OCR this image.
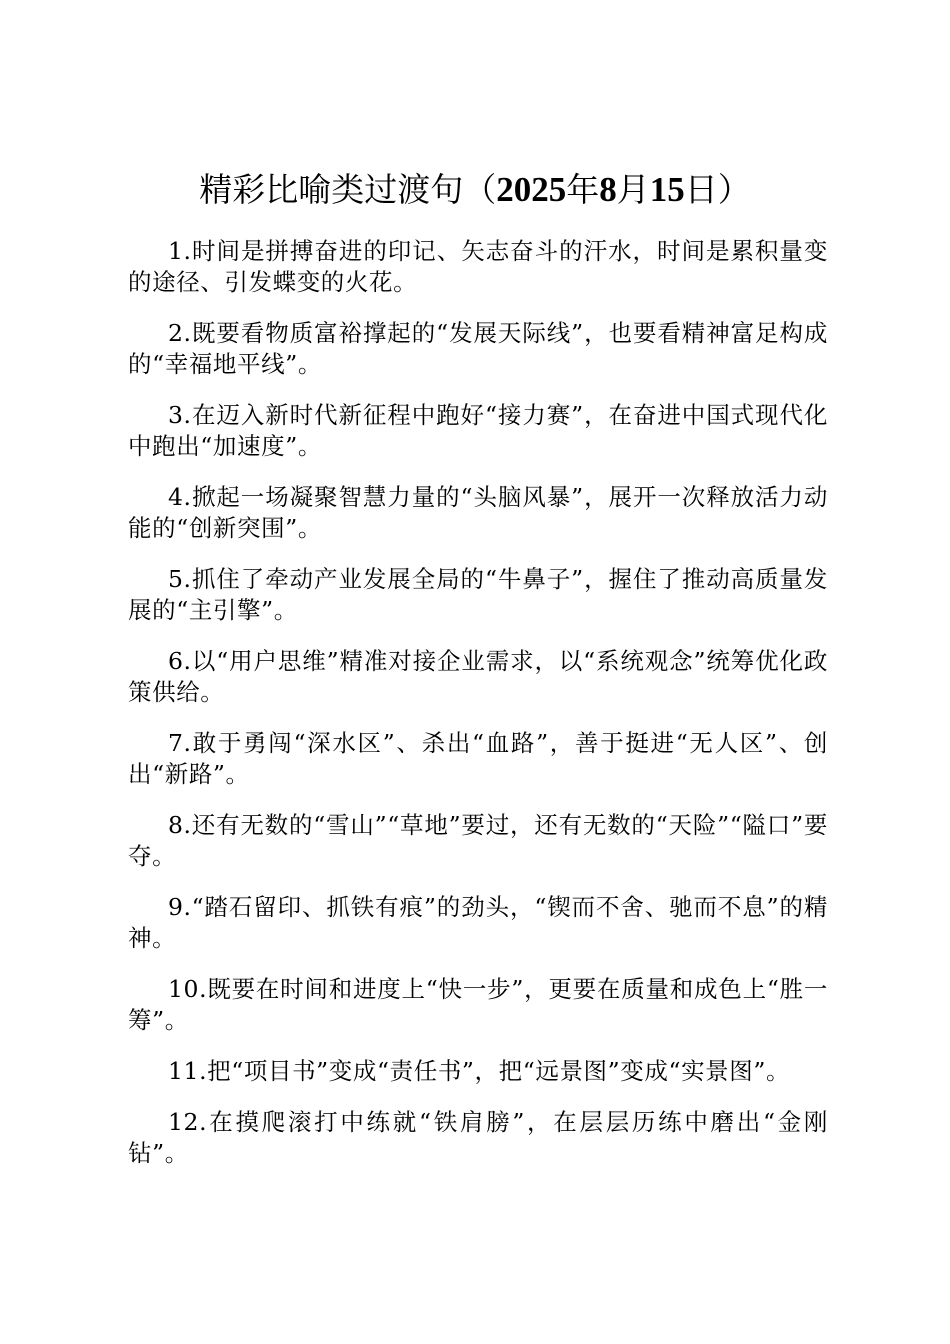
精彩比喻类过渡句（2025年8月15日）

1.时间是拼搏奋进的印记、矢志奋斗的汗水，时间是累积量变的途径、引发蝶变的火花。

2.既要看物质富裕撑起的“发展天际线”，也要看精神富足构成的“幸福地平线”。

3.在迈入新时代新征程中跑好“接力赛”，在奋进中国式现代化中跑出“加速度”。

4.掀起一场凝聚智慧力量的“头脑风暴”，展开一次释放活力动能的“创新突围”。

5.抓住了牵动产业发展全局的“牛鼻子”，握住了推动高质量发展的“主引擎”。

6.以“用户思维”精准对接企业需求，以“系统观念”统筹优化政策供给。

7.敢于勇闯“深水区”、杀出“血路”，善于挺进“无人区”、创出“新路”。

8.还有无数的“雪山”“草地”要过，还有无数的“天险”“隘口”要夺。

9.“踏石留印、抓铁有痕”的劲头，“锲而不舍、驰而不息”的精神。

10.既要在时间和进度上“快一步”，更要在质量和成色上“胜一筹”。

11.把“项目书”变成“责任书”，把“远景图”变成“实景图”。

12.在摸爬滚打中练就“铁肩膀”，在层层历练中磨出“金刚钻”。
